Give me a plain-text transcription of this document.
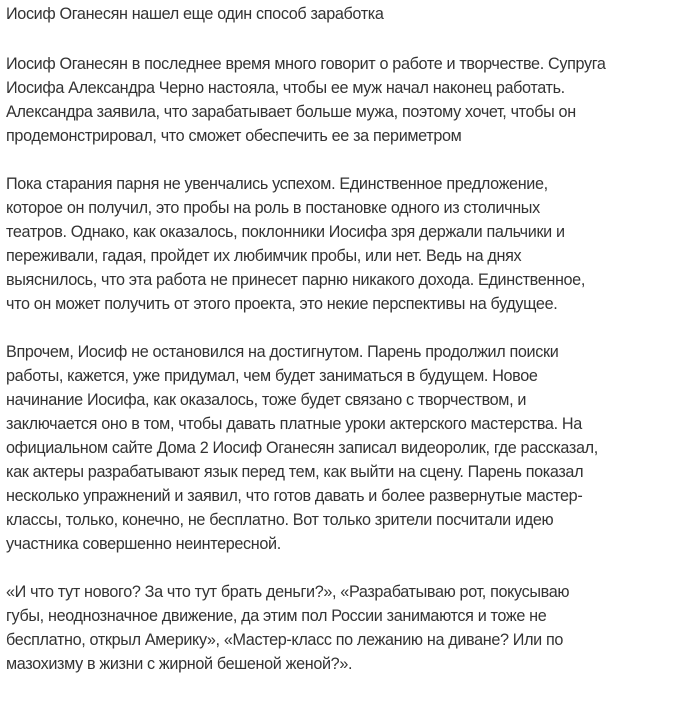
Иосиф Оганесян нашел еще один способ заработка

Иосиф Оганесян в последнее время много говорит о работе и творчестве. Супруга
Иосифа Александра Черно настояла, чтобы ее муж начал наконец работать.
Александра заявила, что зарабатывает больше мужа, поэтому хочет, чтобы он
продемонстрировал, что сможет обеспечить ее за периметром

Пока старания парня не увенчались успехом. Единственное предложение,
которое он получил, это пробы на роль в постановке одного из столичных
театров. Однако, как оказалось, поклонники Иосифа зря держали пальчики и
переживали, гадая, пройдет их любимчик пробы, или нет. Ведь на днях
выяснилось, что эта работа не принесет парню никакого дохода. Единственное,
что он может получить от этого проекта, это некие перспективы на будущее.

Впрочем, Иосиф не остановился на достигнутом. Парень продолжил поиски
работы, кажется, уже придумал, чем будет заниматься в будущем. Новое
начинание Иосифа, как оказалось, тоже будет связано с творчеством, и
заключается оно в том, чтобы давать платные уроки актерского мастерства. На
официальном сайте Дома 2 Иосиф Оганесян записал видеоролик, где рассказал,
как актеры разрабатывают язык перед тем, как выйти на сцену. Парень показал
несколько упражнений и заявил, что готов давать и более развернутые мастер-
классы, только, конечно, не бесплатно. Вот только зрители посчитали идею
участника совершенно неинтересной.

«И что тут нового? За что тут брать деньги?», «Разрабатываю рот, покусываю
губы, неоднозначное движение, да этим пол России занимаются и тоже не
бесплатно, открыл Америку», «Мастер-класс по лежанию на диване? Или по
мазохизму в жизни с жирной бешеной женой?».
